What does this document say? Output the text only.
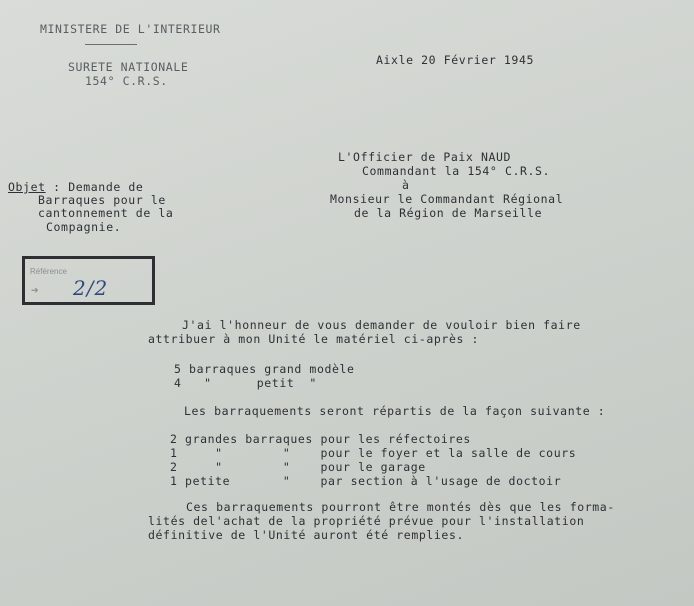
MINISTERE DE L'INTERIEUR
SURETE NATIONALE
154° C.R.S.
Aixle 20 Février 1945
L'Officier de Paix NAUD
Commandant la 154° C.R.S.
à
Monsieur le Commandant Régional
de la Région de Marseille
Objet : Demande de
Barraques pour le
cantonnement de la
Compagnie.
Référence
➔ 2/2
J'ai l'honneur de vous demander de vouloir bien faire
attribuer à mon Unité le matériel ci-après :
5 barraques grand modèle
4   "      petit  "
Les barraquements seront répartis de la façon suivante :
2 grandes barraques pour les réfectoires
1     "        "    pour le foyer et la salle de cours
2     "        "    pour le garage
1 petite       "    par section à l'usage de doctoir
Ces barraquements pourront être montés dès que les forma-
lités del'achat de la propriété prévue pour l'installation
définitive de l'Unité auront été remplies.
